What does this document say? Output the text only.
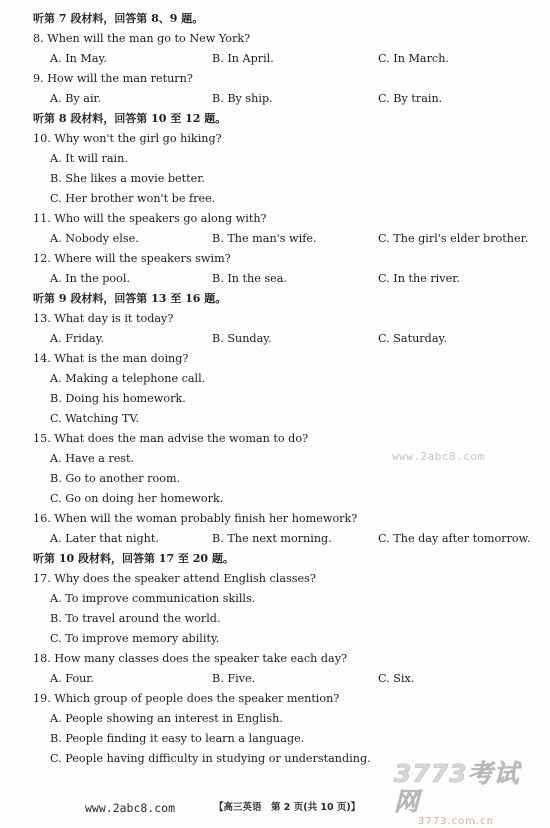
听第 7 段材料，回答第 8、9 题。
8. When will the man go to New York?
A. In May.	B. In April.	C. In March.
9. How will the man return?
A. By air.	B. By ship.	C. By train.
听第 8 段材料，回答第 10 至 12 题。
10. Why won't the girl go hiking?
A. It will rain.
B. She likes a movie better.
C. Her brother won't be free.
11. Who will the speakers go along with?
A. Nobody else.	B. The man's wife.	C. The girl's elder brother.
12. Where will the speakers swim?
A. In the pool.	B. In the sea.	C. In the river.
听第 9 段材料，回答第 13 至 16 题。
13. What day is it today?
A. Friday.	B. Sunday.	C. Saturday.
14. What is the man doing?
A. Making a telephone call.
B. Doing his homework.
C. Watching TV.
15. What does the man advise the woman to do?
A. Have a rest.
B. Go to another room.
C. Go on doing her homework.
16. When will the woman probably finish her homework?
A. Later that night.	B. The next morning.	C. The day after tomorrow.
听第 10 段材料，回答第 17 至 20 题。
17. Why does the speaker attend English classes?
A. To improve communication skills.
B. To travel around the world.
C. To improve memory ability.
18. How many classes does the speaker take each day?
A. Four.	B. Five.	C. Six.
19. Which group of people does the speaker mention?
A. People showing an interest in English.
B. People finding it easy to learn a language.
C. People having difficulty in studying or understanding.
www.2abc8.com
3773考试网
3773.com.cn
www.2abc8.com	【高三英语　第 2 页(共 10 页)】
